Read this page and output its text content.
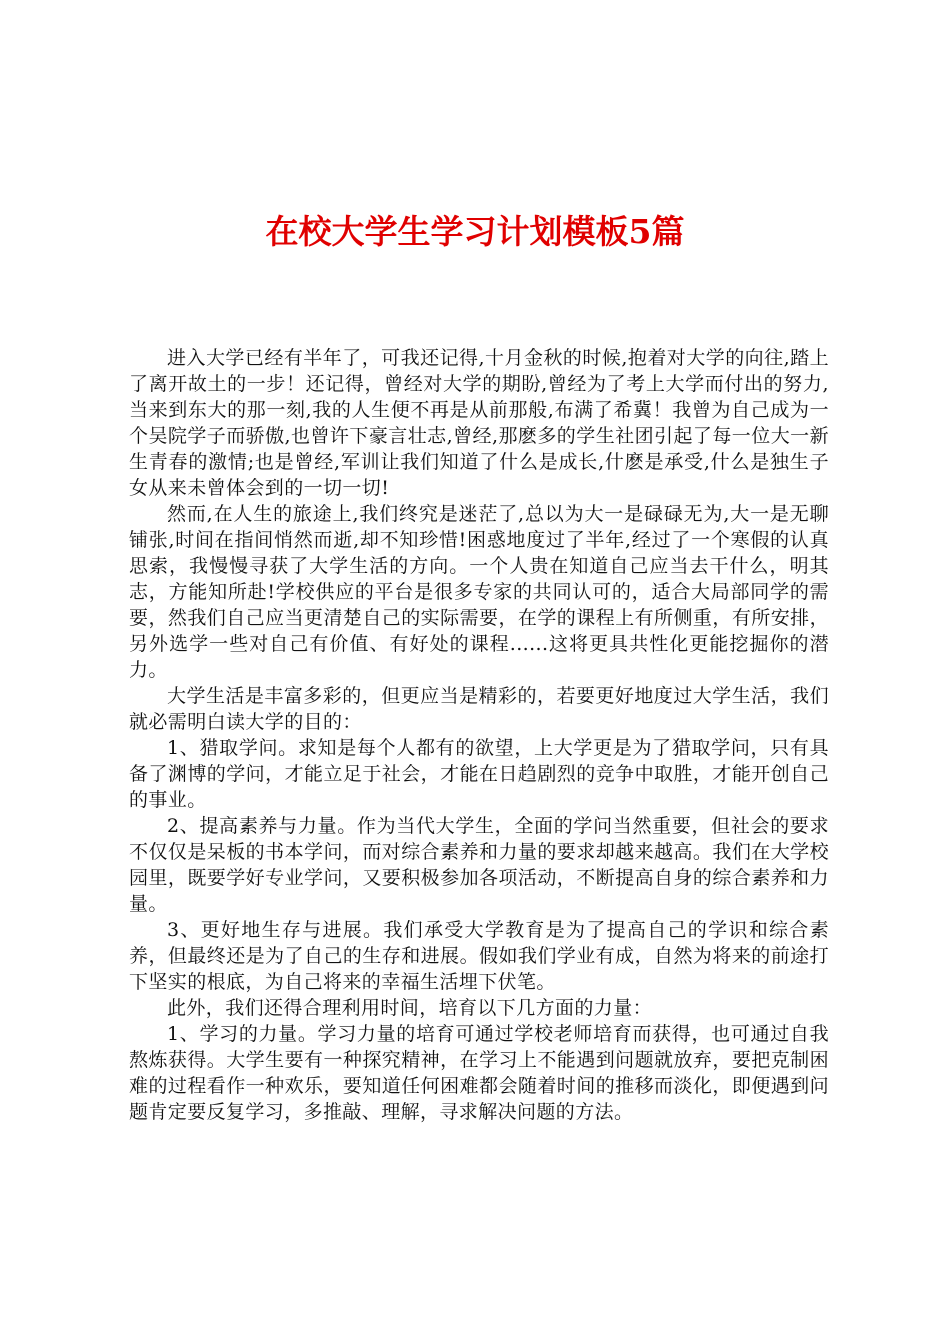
在校大学生学习计划模板5篇

进入大学已经有半年了，可我还记得,十月金秋的时候,抱着对大学的向往,踏上了离开故土的一步！还记得，曾经对大学的期盼,曾经为了考上大学而付出的努力,当来到东大的那一刻,我的人生便不再是从前那般,布满了希冀！我曾为自己成为一个吴院学子而骄傲,也曾许下豪言壮志,曾经,那麽多的学生社团引起了每一位大一新生青春的激情;也是曾经,军训让我们知道了什么是成长,什麽是承受,什么是独生子女从来未曾体会到的一切一切!

然而,在人生的旅途上,我们终究是迷茫了,总以为大一是碌碌无为,大一是无聊铺张,时间在指间悄然而逝,却不知珍惜!困惑地度过了半年,经过了一个寒假的认真思索，我慢慢寻获了大学生活的方向。一个人贵在知道自己应当去干什么，明其志，方能知所赴!学校供应的平台是很多专家的共同认可的，适合大局部同学的需要，然我们自己应当更清楚自己的实际需要，在学的课程上有所侧重，有所安排，另外选学一些对自己有价值、有好处的课程......这将更具共性化更能挖掘你的潜力。

大学生活是丰富多彩的，但更应当是精彩的，若要更好地度过大学生活，我们就必需明白读大学的目的：

1、猎取学问。求知是每个人都有的欲望，上大学更是为了猎取学问，只有具备了渊博的学问，才能立足于社会，才能在日趋剧烈的竞争中取胜，才能开创自己的事业。

2、提高素养与力量。作为当代大学生，全面的学问当然重要，但社会的要求不仅仅是呆板的书本学问，而对综合素养和力量的要求却越来越高。我们在大学校园里，既要学好专业学问，又要积极参加各项活动，不断提高自身的综合素养和力量。

3、更好地生存与进展。我们承受大学教育是为了提高自己的学识和综合素养，但最终还是为了自己的生存和进展。假如我们学业有成，自然为将来的前途打下坚实的根底，为自己将来的幸福生活埋下伏笔。

此外，我们还得合理利用时间，培育以下几方面的力量：

1、学习的力量。学习力量的培育可通过学校老师培育而获得，也可通过自我熬炼获得。大学生要有一种探究精神，在学习上不能遇到问题就放弃，要把克制困难的过程看作一种欢乐，要知道任何困难都会随着时间的推移而淡化，即便遇到问题肯定要反复学习，多推敲、理解，寻求解决问题的方法。
